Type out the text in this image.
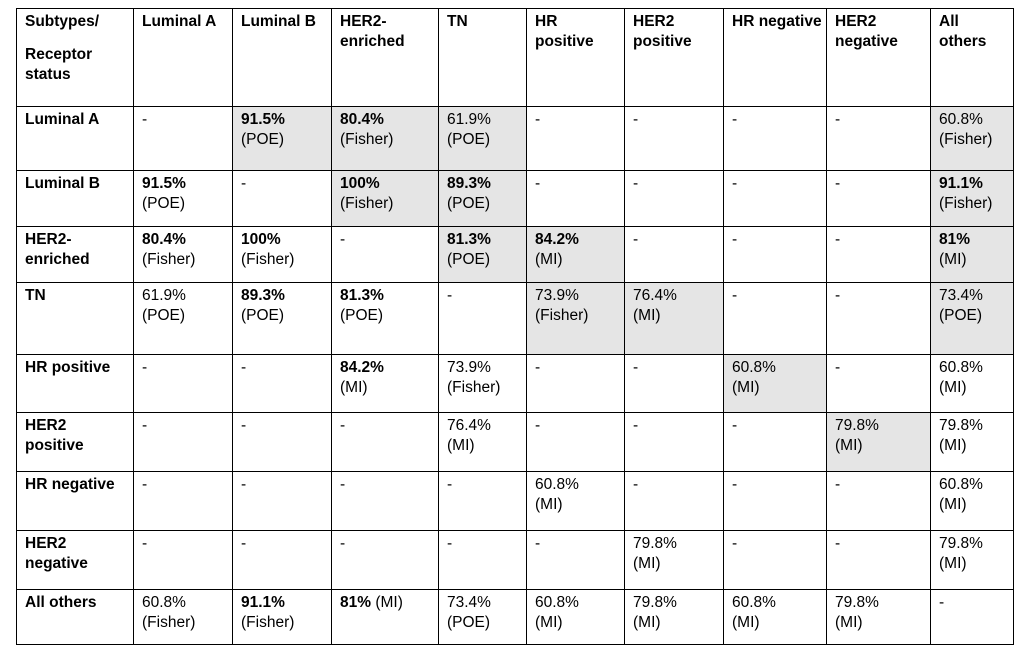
Subtypes/
Receptor status	Luminal A	Luminal B	HER2-enriched	TN	HR positive	HER2 positive	HR negative	HER2 negative	All others
Luminal A	-	91.5%
(POE)	80.4%
(Fisher)	61.9%
(POE)	-	-	-	-	60.8%
(Fisher)

Luminal B	91.5%
(POE)	-	100%
(Fisher)	89.3%
(POE)	-	-	-	-	91.1%
(Fisher)

HER2-enriched	80.4%
(Fisher)	100%
(Fisher)	-	81.3%
(POE)	84.2%
(MI)	-	-	-	81%
(MI)

TN	61.9%
(POE)	89.3%
(POE)	81.3%
(POE)	-	73.9%
(Fisher)	76.4%
(MI)	-	-	73.4%
(POE)

HR positive	-	-	84.2%
(MI)	73.9%
(Fisher)	-	-	60.8%
(MI)	-	60.8%
(MI)

HER2 positive	-	-	-	76.4%
(MI)	-	-	-	79.8%
(MI)	79.8%
(MI)

HR negative	-	-	-	-	60.8%
(MI)	-	-	-	60.8%
(MI)

HER2 negative	-	-	-	-	-	79.8%
(MI)	-	-	79.8%
(MI)

All others	60.8%
(Fisher)	91.1%
(Fisher)	81% (MI)	73.4%
(POE)	60.8%
(MI)	79.8%
(MI)	60.8%
(MI)	79.8%
(MI)	-
